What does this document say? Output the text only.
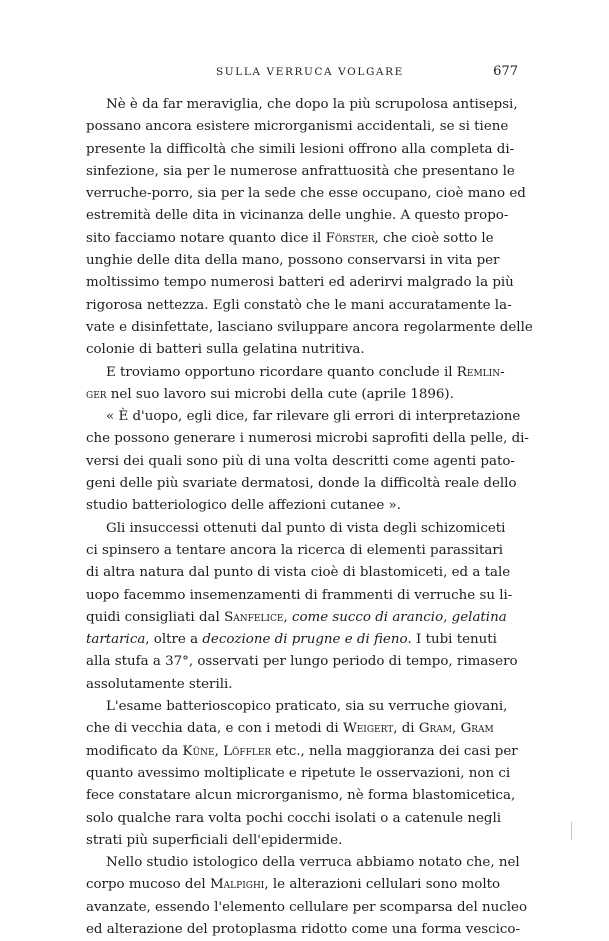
SULLA VERRUCA VOLGARE	677
Nè è da far meraviglia, che dopo la più scrupolosa antisepsi,
possano ancora esistere microrganismi accidentali, se si tiene
presente la difficoltà che simili lesioni offrono alla completa di-
sinfezione, sia per le numerose anfrattuosità che presentano le
verruche-porro, sia per la sede che esse occupano, cioè mano ed
estremità delle dita in vicinanza delle unghie. A questo propo-
sito facciamo notare quanto dice il Förster, che cioè sotto le
unghie delle dita della mano, possono conservarsi in vita per
moltissimo tempo numerosi batteri ed aderirvi malgrado la più
rigorosa nettezza. Egli constatò che le mani accuratamente la-
vate e disinfettate, lasciano sviluppare ancora regolarmente delle
colonie di batteri sulla gelatina nutritiva.
E troviamo opportuno ricordare quanto conclude il Remlin-
ger nel suo lavoro sui microbi della cute (aprile 1896).
« È d'uopo, egli dice, far rilevare gli errori di interpretazione
che possono generare i numerosi microbi saprofiti della pelle, di-
versi dei quali sono più di una volta descritti come agenti pato-
geni delle più svariate dermatosi, donde la difficoltà reale dello
studio batteriologico delle affezioni cutanee ».
Gli insuccessi ottenuti dal punto di vista degli schizomiceti
ci spinsero a tentare ancora la ricerca di elementi parassitari
di altra natura dal punto di vista cioè di blastomiceti, ed a tale
uopo facemmo insemenzamenti di frammenti di verruche su li-
quidi consigliati dal Sanfelice, come succo di arancio, gelatina
tartarica, oltre a decozione di prugne e di fieno. I tubi tenuti
alla stufa a 37°, osservati per lungo periodo di tempo, rimasero
assolutamente sterili.
L'esame batterioscopico praticato, sia su verruche giovani,
che di vecchia data, e con i metodi di Weigert, di Gram, Gram
modificato da Küne, Löffler etc., nella maggioranza dei casi per
quanto avessimo moltiplicate e ripetute le osservazioni, non ci
fece constatare alcun microrganismo, nè forma blastomicetica,
solo qualche rara volta pochi cocchi isolati o a catenule negli
strati più superficiali dell'epidermide.
Nello studio istologico della verruca abbiamo notato che, nel
corpo mucoso del Malpighi, le alterazioni cellulari sono molto
avanzate, essendo l'elemento cellulare per scomparsa del nucleo
ed alterazione del protoplasma ridotto come una forma vescico-
